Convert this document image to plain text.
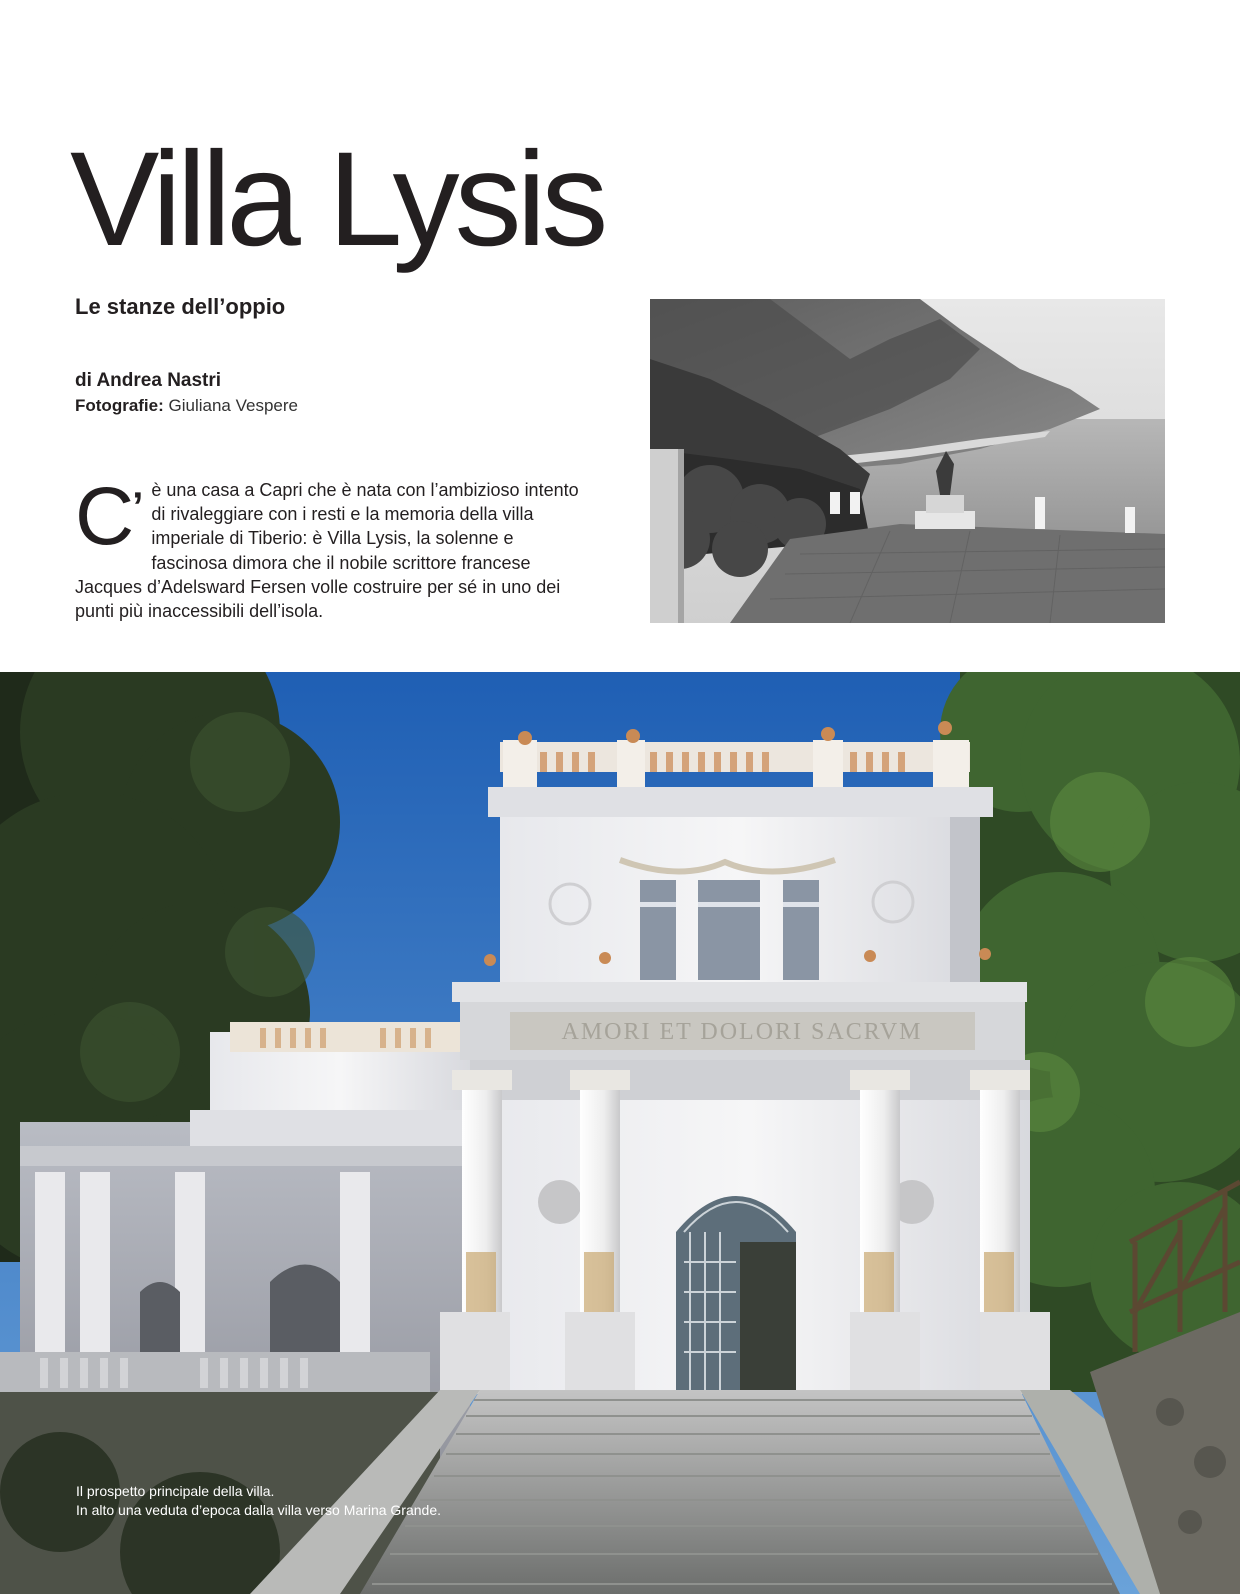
Villa Lysis
Le stanze dell’oppio
di Andrea Nastri
Fotografie: Giuliana Vespere

C’ è una casa a Capri che è nata con l’ambizioso intento di rivaleggiare con i resti e la memoria della villa imperiale di Tiberio: è Villa Lysis, la solenne e fascinosa dimora che il nobile scrittore francese Jacques d’Adelsward Fersen volle costruire per sé in uno dei punti più inaccessibili dell’isola.

AMORI ET DOLORI SACRVM
Il prospetto principale della villa.
In alto una veduta d’epoca dalla villa verso Marina Grande.
